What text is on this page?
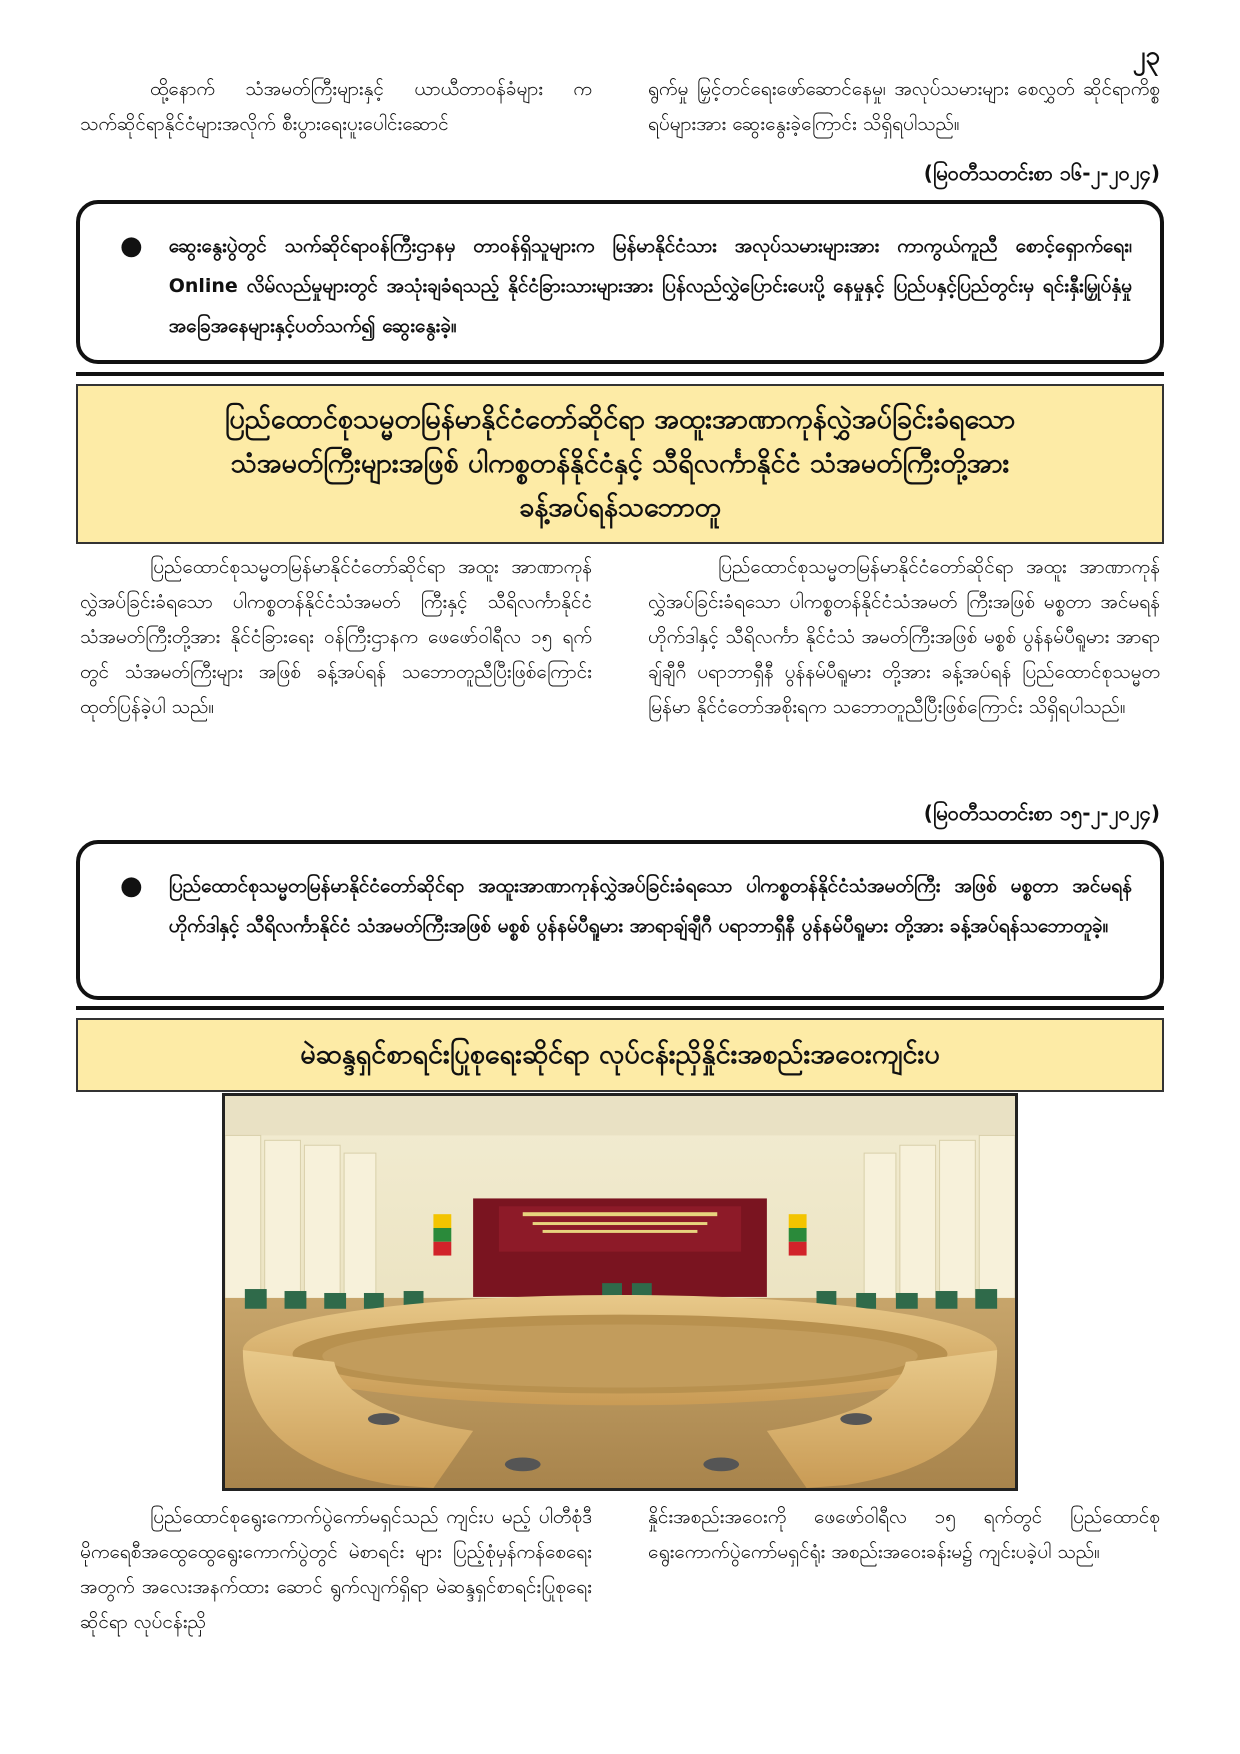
၂၃

ထို့နောက် သံအမတ်ကြီးများနှင့် ယာယီတာဝန်ခံများ က သက်ဆိုင်ရာနိုင်ငံများအလိုက် စီးပွားရေးပူးပေါင်းဆောင်

ရွက်မှု မြှင့်တင်ရေးဖော်ဆောင်နေမှု၊ အလုပ်သမားများ စေလွှတ် ဆိုင်ရာကိစ္စရပ်များအား ဆွေးနွေးခဲ့ကြောင်း သိရှိရပါသည်။

(မြဝတီသတင်းစာ ၁၆-၂-၂၀၂၄)
● ဆွေးနွေးပွဲတွင် သက်ဆိုင်ရာဝန်ကြီးဌာနမှ တာဝန်ရှိသူများက မြန်မာနိုင်ငံသား အလုပ်သမားများအား ကာကွယ်ကူညီ စောင့်ရှောက်ရေး၊ Online လိမ်လည်မှုများတွင် အသုံးချခံရသည့် နိုင်ငံခြားသားများအား ပြန်လည်လွှဲပြောင်းပေးပို့ နေမှုနှင့် ပြည်ပနှင့်ပြည်တွင်းမှ ရင်းနှီးမြှုပ်နှံမှု အခြေအနေများနှင့်ပတ်သက်၍ ဆွေးနွေးခဲ့။
ပြည်ထောင်စုသမ္မတမြန်မာနိုင်ငံတော်ဆိုင်ရာ အထူးအာဏာကုန်လွှဲအပ်ခြင်းခံရသော
သံအမတ်ကြီးများအဖြစ် ပါကစ္စတန်နိုင်ငံနှင့် သီရိလင်္ကာနိုင်ငံ သံအမတ်ကြီးတို့အား
ခန့်အပ်ရန်သဘောတူ

ပြည်ထောင်စုသမ္မတမြန်မာနိုင်ငံတော်ဆိုင်ရာ အထူး အာဏာကုန် လွှဲအပ်ခြင်းခံရသော ပါကစ္စတန်နိုင်ငံသံအမတ် ကြီးနှင့် သီရိလင်္ကာနိုင်ငံ သံအမတ်ကြီးတို့အား နိုင်ငံခြားရေး ဝန်ကြီးဌာနက ဖေဖော်ဝါရီလ ၁၅ ရက်တွင် သံအမတ်ကြီးများ အဖြစ် ခန့်အပ်ရန် သဘောတူညီပြီးဖြစ်ကြောင်း ထုတ်ပြန်ခဲ့ပါ သည်။

ပြည်ထောင်စုသမ္မတမြန်မာနိုင်ငံတော်ဆိုင်ရာ အထူး အာဏာကုန် လွှဲအပ်ခြင်းခံရသော ပါကစ္စတန်နိုင်ငံသံအမတ် ကြီးအဖြစ် မစ္စတာ အင်မရန် ဟိုက်ဒါနှင့် သီရိလင်္ကာ နိုင်ငံသံ အမတ်ကြီးအဖြစ် မစ္စစ် ပွန်နမ်ပီရူမား အာရာချ်ချီဂီ ပရာဘာရှီနီ ပွန်နမ်ပီရူမား တို့အား ခန့်အပ်ရန် ပြည်ထောင်စုသမ္မတမြန်မာ နိုင်ငံတော်အစိုးရက သဘောတူညီပြီးဖြစ်ကြောင်း သိရှိရပါသည်။

(မြဝတီသတင်းစာ ၁၅-၂-၂၀၂၄)
● ပြည်ထောင်စုသမ္မတမြန်မာနိုင်ငံတော်ဆိုင်ရာ အထူးအာဏာကုန်လွှဲအပ်ခြင်းခံရသော ပါကစ္စတန်နိုင်ငံသံအမတ်ကြီး အဖြစ် မစ္စတာ အင်မရန် ဟိုက်ဒါနှင့် သီရိလင်္ကာနိုင်ငံ သံအမတ်ကြီးအဖြစ် မစ္စစ် ပွန်နမ်ပီရူမား အာရာချ်ချီဂီ ပရာဘာရှီနီ ပွန်နမ်ပီရူမား တို့အား ခန့်အပ်ရန်သဘောတူခဲ့။
မဲဆန္ဒရှင်စာရင်းပြုစုရေးဆိုင်ရာ လုပ်ငန်းညှိနှိုင်းအစည်းအဝေးကျင်းပ

ပြည်ထောင်စုရွေးကောက်ပွဲကော်မရှင်သည် ကျင်းပ မည့် ပါတီစုံဒီမိုကရေစီအထွေထွေရွေးကောက်ပွဲတွင် မဲစာရင်း များ ပြည့်စုံမှန်ကန်စေရေးအတွက် အလေးအနက်ထား ဆောင် ရွက်လျက်ရှိရာ မဲဆန္ဒရှင်စာရင်းပြုစုရေးဆိုင်ရာ လုပ်ငန်းညှိ

နှိုင်းအစည်းအဝေးကို ဖေဖော်ဝါရီလ ၁၅ ရက်တွင် ပြည်ထောင်စု ရွေးကောက်ပွဲကော်မရှင်ရုံး အစည်းအဝေးခန်းမ၌ ကျင်းပခဲ့ပါ သည်။
